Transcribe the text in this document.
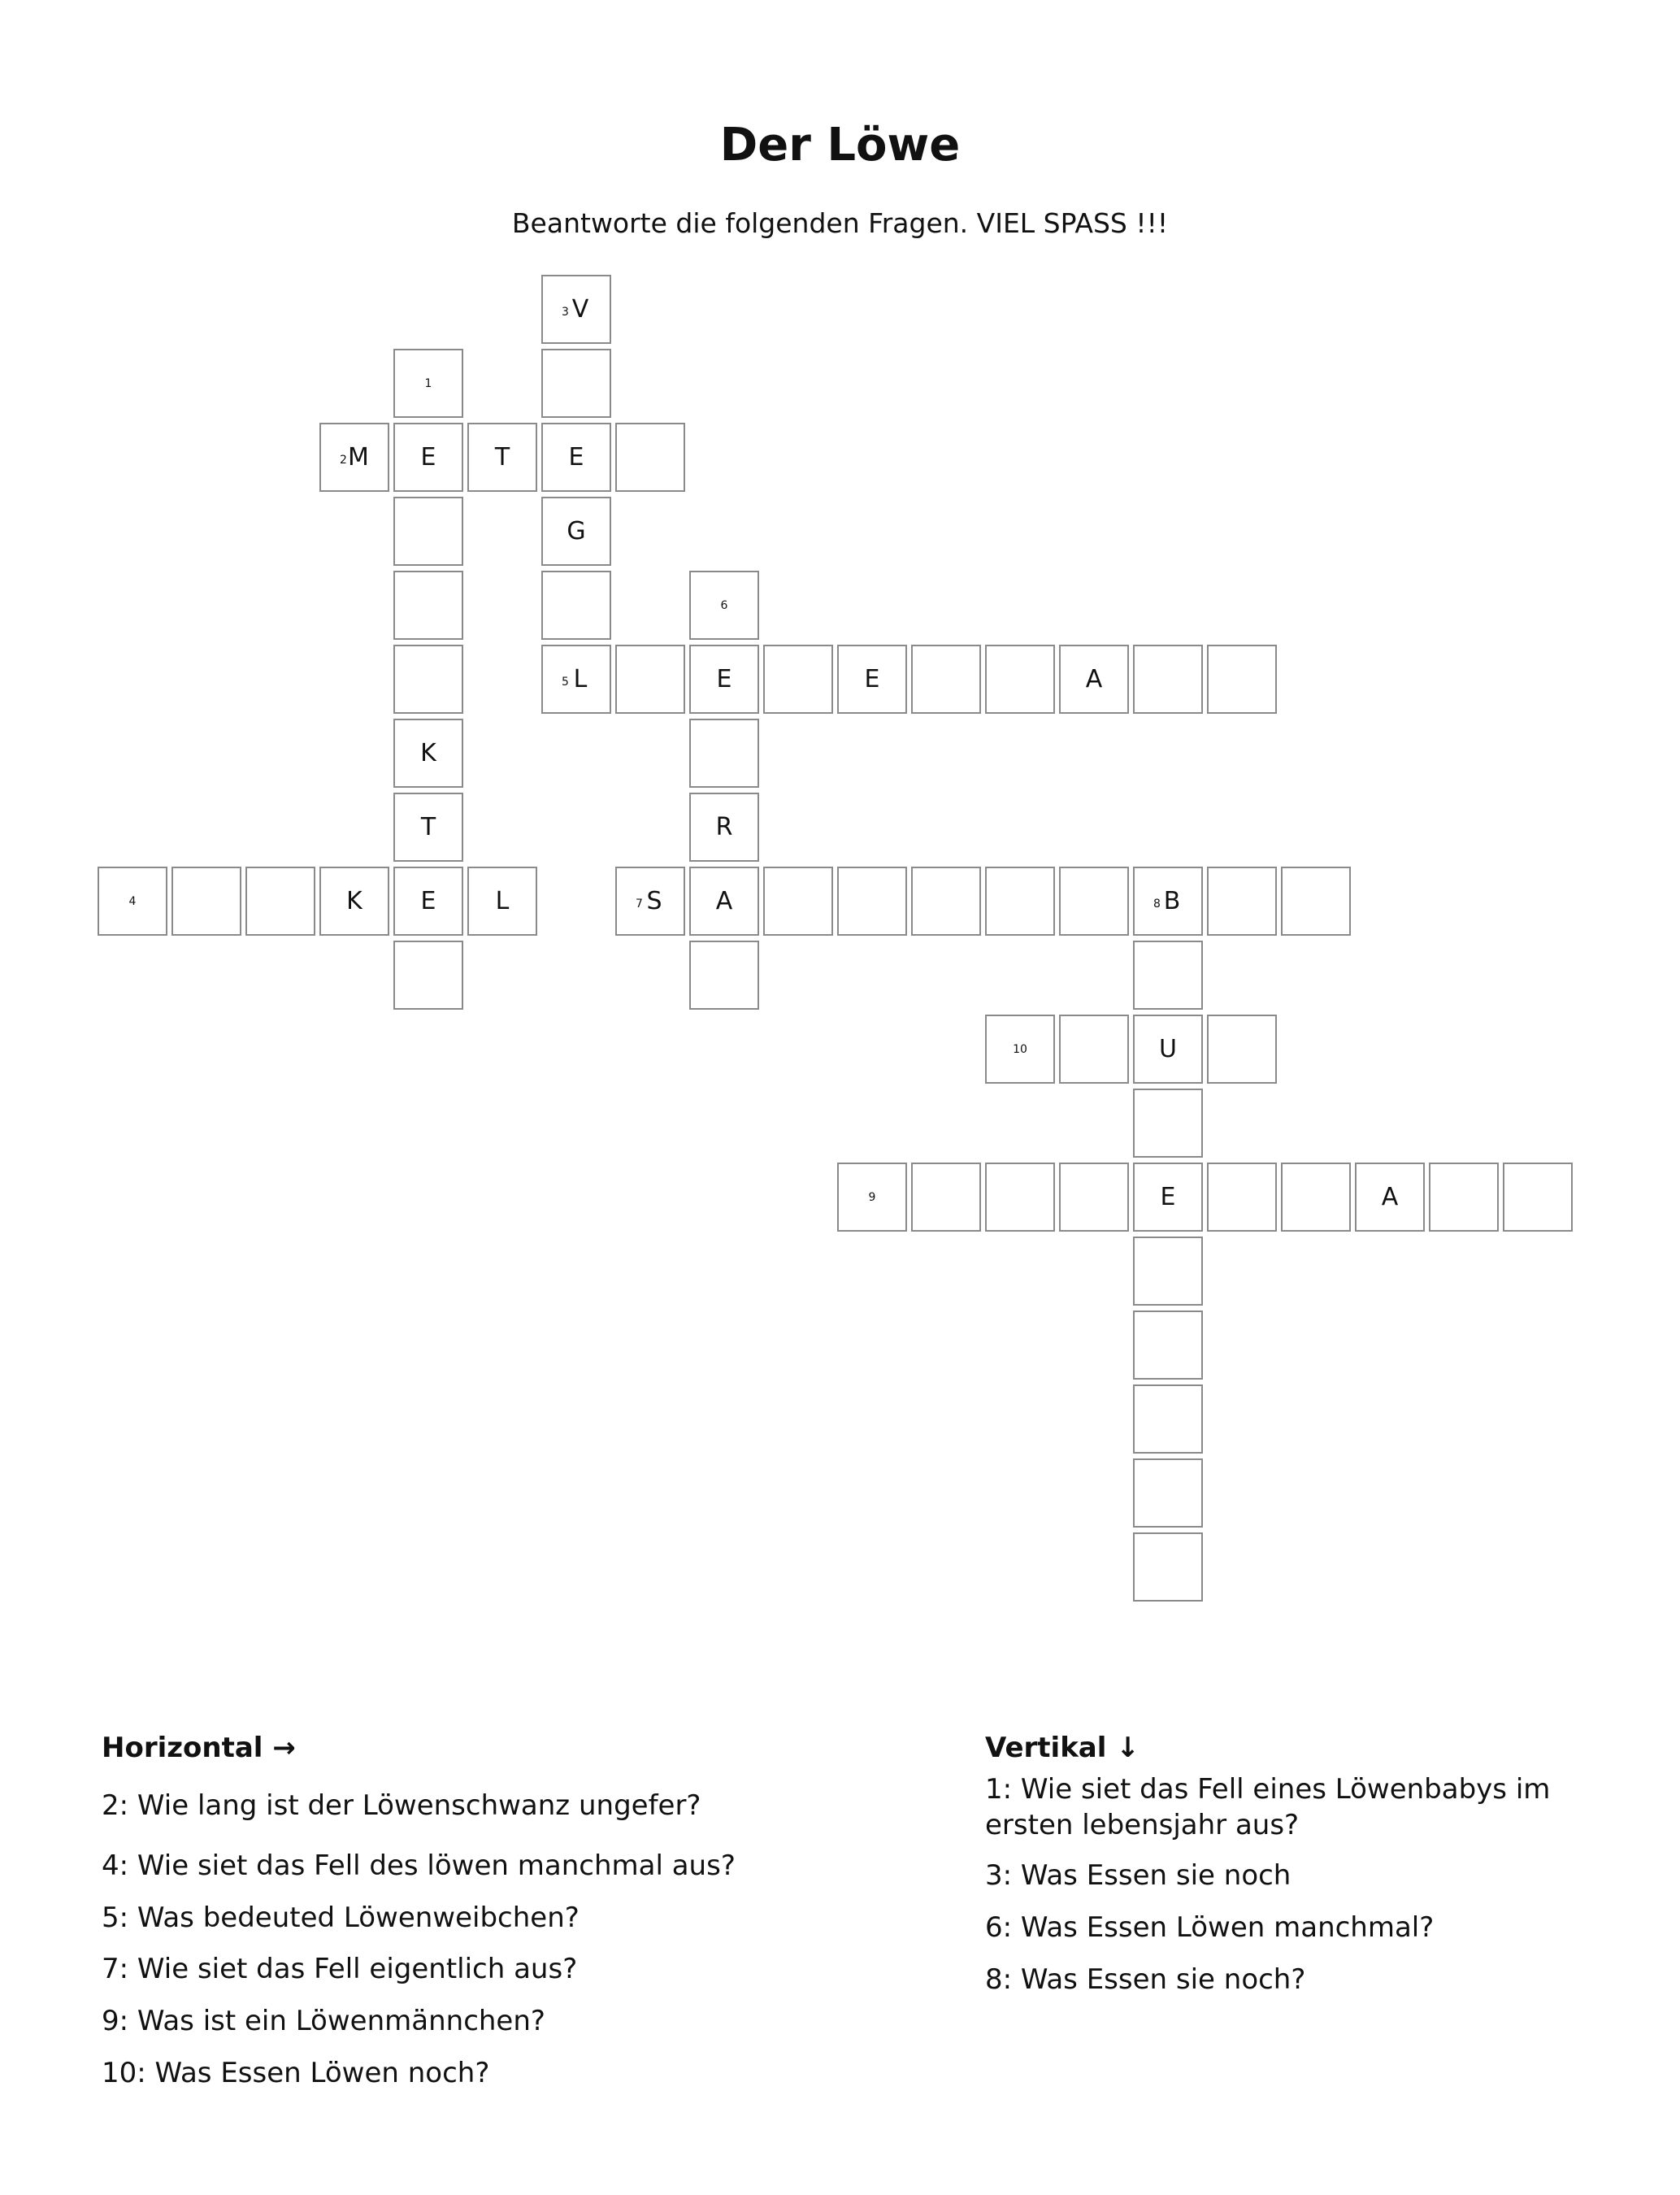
Der Löwe
Beantworte die folgenden Fragen. VIEL SPASS !!!
3 V
1
2 M	E	T	E
G
6
5 L	E	E	A
K
T	R
4	K	E	L	7 S	A	8 B
10	U
9	E	A
Horizontal →
2: Wie lang ist der Löwenschwanz ungefer?
4: Wie siet das Fell des löwen manchmal aus?
5: Was bedeuted Löwenweibchen?
7: Wie siet das Fell eigentlich aus?
9: Was ist ein Löwenmännchen?
10: Was Essen Löwen noch?
Vertikal ↓
1: Wie siet das Fell eines Löwenbabys im ersten lebensjahr aus?
3: Was Essen sie noch
6: Was Essen Löwen manchmal?
8: Was Essen sie noch?
